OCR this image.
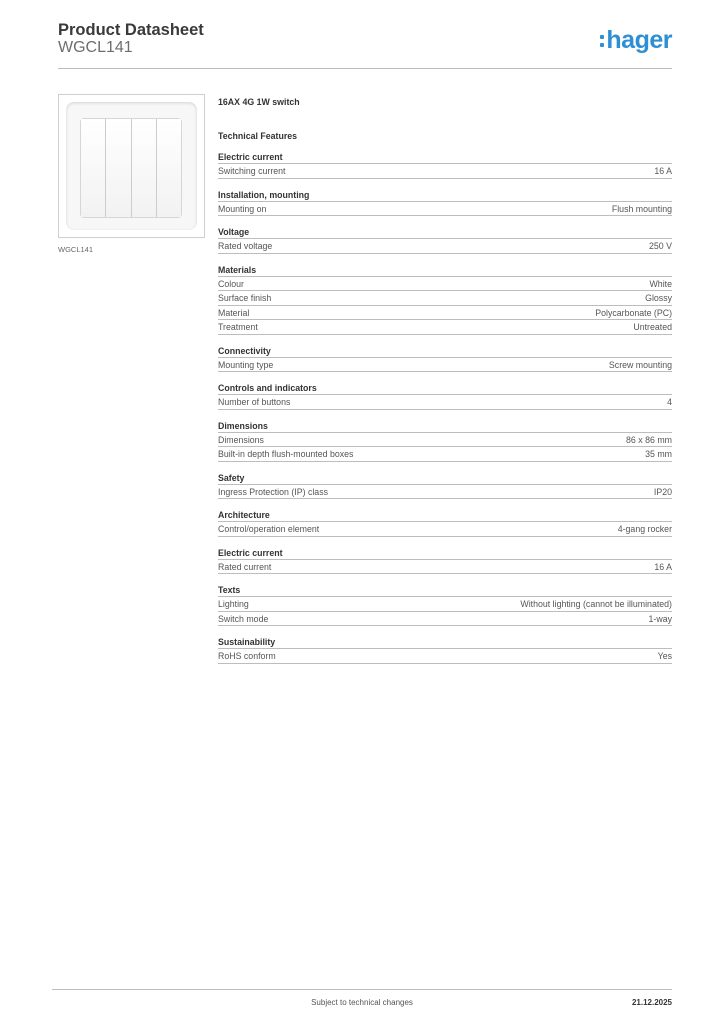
Product Datasheet
WGCL141	hager
WGCL141
16AX 4G 1W switch
Technical Features
Electric current
Switching current	16 A
Installation, mounting
Mounting on	Flush mounting
Voltage
Rated voltage	250 V
Materials
Colour	White
Surface finish	Glossy
Material	Polycarbonate (PC)
Treatment	Untreated
Connectivity
Mounting type	Screw mounting
Controls and indicators
Number of buttons	4
Dimensions
Dimensions	86 x 86 mm
Built-in depth flush-mounted boxes	35 mm
Safety
Ingress Protection (IP) class	IP20
Architecture
Control/operation element	4-gang rocker
Electric current
Rated current	16 A
Texts
Lighting	Without lighting (cannot be illuminated)
Switch mode	1-way
Sustainability
RoHS conform	Yes
Subject to technical changes	21.12.2025
